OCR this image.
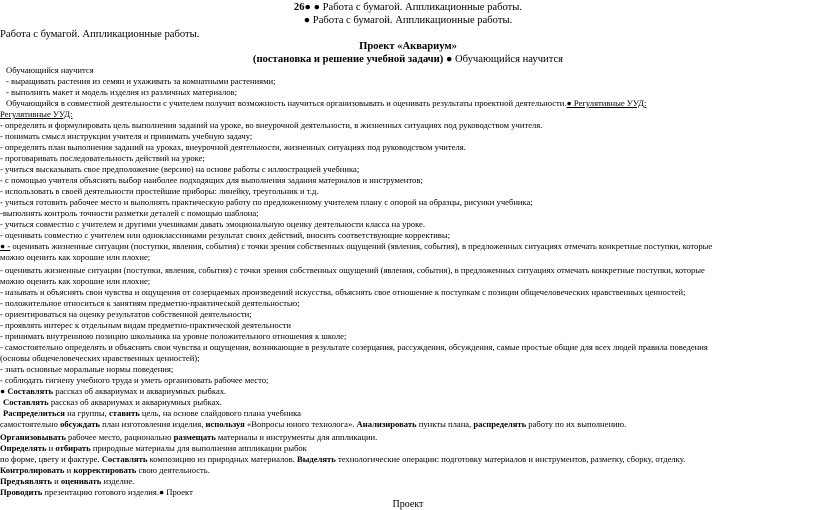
26● ● Работа с бумагой. Аппликационные работы.
● Работа с бумагой. Аппликационные работы.
Работа с бумагой. Аппликационные работы.
Проект «Аквариум»
(постановка и решение учебной задачи) ● Обучающийся научится
Обучающийся научится
- выращивать растения из семян и ухаживать за комнатными растениями;
- выполнять макет и модель изделия из различных материалов;
Обучающийся в совместной деятельности с учителем получит возможность научиться организовывать и оценивать результаты проектной деятельности.● Регулятивные УУД:
Регулятивные УУД:
- определять и формулировать цель выполнения заданий на уроке, во внеурочной деятельности, в жизненных ситуациях под руководством учителя.
- понимать смысл инструкции учителя и принимать учебную задачу;
- определять план выполнения заданий на уроках, внеурочной деятельности, жизненных ситуациях под руководством учителя.
- проговаривать последовательность действий на уроке;
- учиться высказывать свое предположение (версию) на основе работы с иллюстрацией учебника;
- с помощью учителя объяснять выбор наиболее подходящих для выполнения задания материалов и инструментов;
- использовать в своей деятельности простейшие приборы: линейку, треугольник и т.д.
- учиться готовить рабочее место и выполнять практическую работу по предложенному учителем плану с опорой на образцы, рисунки учебника;
-выполнять контроль точности разметки деталей с помощью шаблона;
- учиться совместно с учителем и другими учениками давать эмоциональную оценку деятельности класса на уроке.
- оценивать совместно с учителем или одноклассниками результат своих действий, вносить соответствующие коррективы;
● - оценивать жизненные ситуации (поступки, явления, события) с точки зрения собственных ощущений (явления, события), в предложенных ситуациях отмечать конкретные поступки, которые
можно оценить как хорошие или плохие;
- оценивать жизненные ситуации (поступки, явления, события) с точки зрения собственных ощущений (явления, события), в предложенных ситуациях отмечать конкретные поступки, которые
можно оценить как хорошие или плохие;
- называть и объяснять свои чувства и ощущения от созерцаемых произведений искусства, объяснять свое отношение к поступкам с позиции общечеловеческих нравственных ценностей;
- положительное относиться к занятиям предметно-практической деятельностью;
- ориентироваться на оценку результатов собственной деятельности;
- проявлять интерес к отдельным видам предметно-практической деятельности
- принимать внутреннюю позицию школьника на уровне положительного отношения к школе;
- самостоятельно определять и объяснять свои чувства и ощущения, возникающие в результате созерцания, рассуждения, обсуждения, самые простые общие для всех людей правила поведения
(основы общечеловеческих нравственных ценностей);
- знать основные моральные нормы поведения;
- соблюдать гигиену учебного труда и уметь организовать рабочее место;
● Составлять рассказ об аквариумах и аквариумных рыбках.
Составлять рассказ об аквариумах и аквариумных рыбках.
Распределиться на группы, ставить цель, на основе слайдового плана учебника
самостоятельно обсуждать план изготовления изделия, используя «Вопросы юного технолога». Анализировать пункты плана, распределять работу по их выполнению.
Организовывать рабочее место, рационально размещать материалы и инструменты для аппликации.
Определять и отбирать природные материалы для выполнения аппликации рыбок
по форме, цвету и фактуре. Составлять композицию из природных материалов. Выделять технологические операции: подготовку материалов и инструментов, разметку, сборку, отделку.
Контролировать и корректировать свою деятельность.
Предъявлять и оценивать изделие.
Проводить презентацию готового изделия.● Проект
Проект
